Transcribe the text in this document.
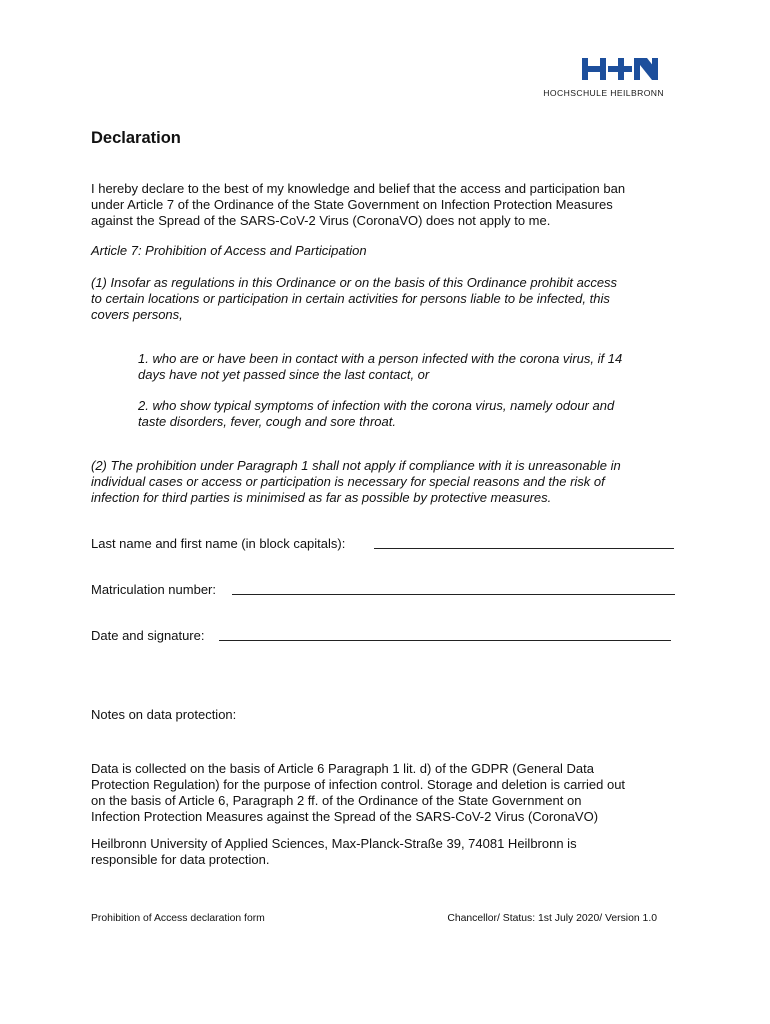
HOCHSCHULE HEILBRONN
Declaration
I hereby declare to the best of my knowledge and belief that the access and participation ban
under Article 7 of the Ordinance of the State Government on Infection Protection Measures
against the Spread of the SARS-CoV-2 Virus (CoronaVO) does not apply to me.
Article 7: Prohibition of Access and Participation
(1) Insofar as regulations in this Ordinance or on the basis of this Ordinance prohibit access
to certain locations or participation in certain activities for persons liable to be infected, this
covers persons,
1. who are or have been in contact with a person infected with the corona virus, if 14
days have not yet passed since the last contact, or
2. who show typical symptoms of infection with the corona virus, namely odour and
taste disorders, fever, cough and sore throat.
(2) The prohibition under Paragraph 1 shall not apply if compliance with it is unreasonable in
individual cases or access or participation is necessary for special reasons and the risk of
infection for third parties is minimised as far as possible by protective measures.
Last name and first name (in block capitals):
Matriculation number:
Date and signature:
Notes on data protection:
Data is collected on the basis of Article 6 Paragraph 1 lit. d) of the GDPR (General Data
Protection Regulation) for the purpose of infection control. Storage and deletion is carried out
on the basis of Article 6, Paragraph 2 ff. of the Ordinance of the State Government on
Infection Protection Measures against the Spread of the SARS-CoV-2 Virus (CoronaVO)
Heilbronn University of Applied Sciences, Max-Planck-Straße 39, 74081 Heilbronn is
responsible for data protection.
Prohibition of Access declaration form	Chancellor/ Status: 1st July 2020/ Version 1.0
